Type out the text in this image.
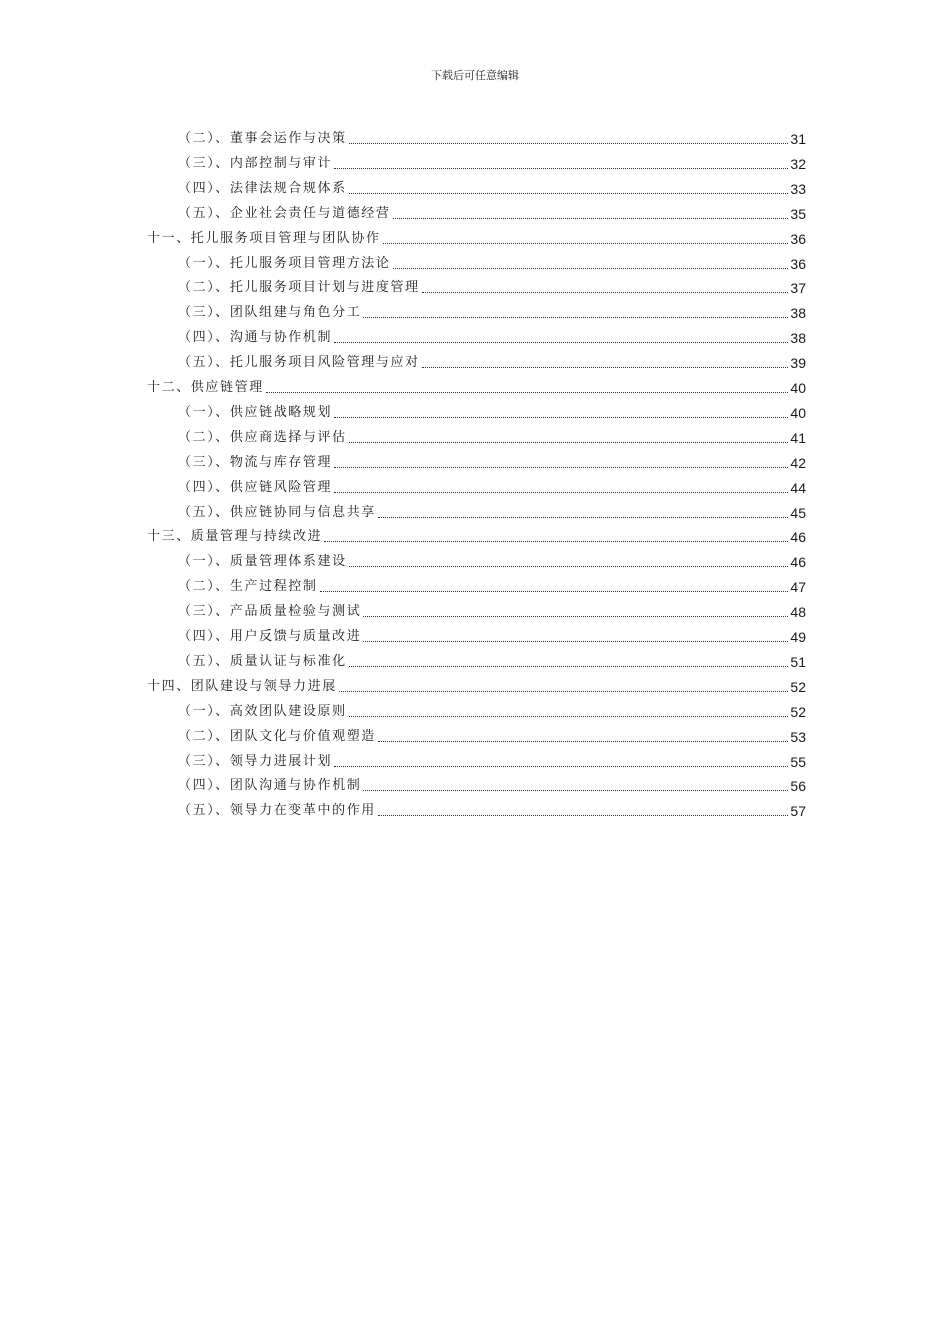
下载后可任意编辑
（二）、董事会运作与决策	31
（三）、内部控制与审计	32
（四）、法律法规合规体系	33
（五）、企业社会责任与道德经营	35
十一、托儿服务项目管理与团队协作	36
（一）、托儿服务项目管理方法论	36
（二）、托儿服务项目计划与进度管理	37
（三）、团队组建与角色分工	38
（四）、沟通与协作机制	38
（五）、托儿服务项目风险管理与应对	39
十二、供应链管理	40
（一）、供应链战略规划	40
（二）、供应商选择与评估	41
（三）、物流与库存管理	42
（四）、供应链风险管理	44
（五）、供应链协同与信息共享	45
十三、质量管理与持续改进	46
（一）、质量管理体系建设	46
（二）、生产过程控制	47
（三）、产品质量检验与测试	48
（四）、用户反馈与质量改进	49
（五）、质量认证与标准化	51
十四、团队建设与领导力进展	52
（一）、高效团队建设原则	52
（二）、团队文化与价值观塑造	53
（三）、领导力进展计划	55
（四）、团队沟通与协作机制	56
（五）、领导力在变革中的作用	57
